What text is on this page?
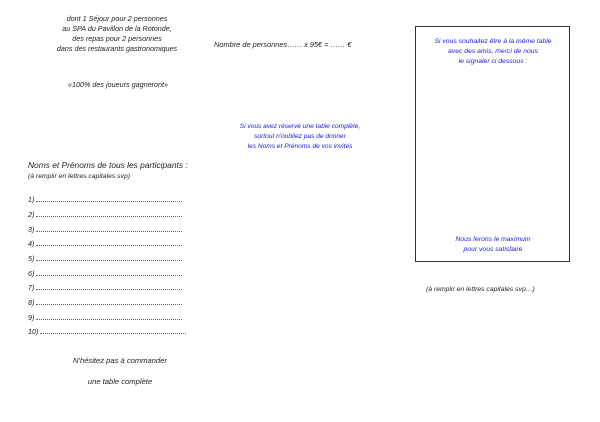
dont 1 Séjour pour 2 personnes
au SPA du Pavillon de la Rotonde,
des repas pour 2 personnes
dans des restaurants gastronomiques
«100% des joueurs gagneront»
Nombre de personnes…… x 95€ = …… €
Si vous avez réservé une table complète,
surtout n'oubliez pas de donner
les Noms et Prénoms de vos invités
Noms et Prénoms de tous les participants :
(à remplir en lettres capitales svp)
1)
2)
3)
4)
5)
6)
7)
8)
9)
10)
N'hésitez pas à commander
une table complète
Si vous souhaitez être à la même table
avec des amis, merci de nous
le signaler ci dessous :
Nous ferons le maximum
pour vous satisfaire
(à remplir en lettres capitales svp…)
